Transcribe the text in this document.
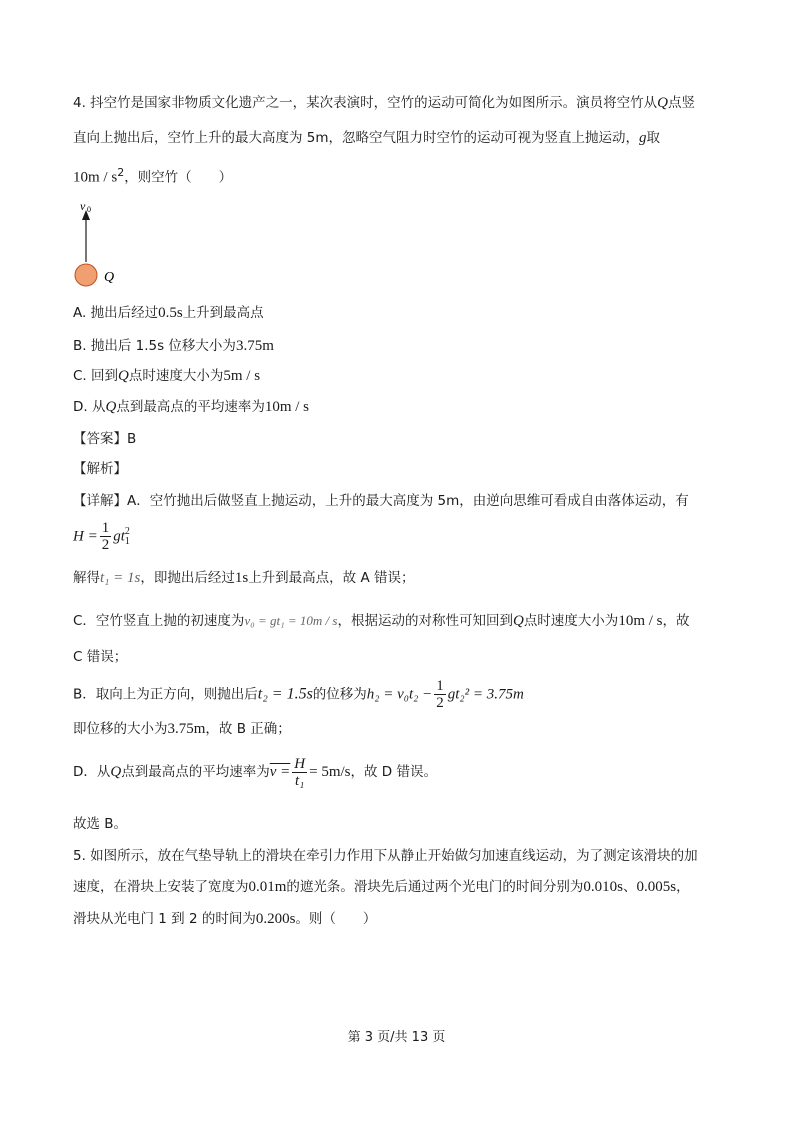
4. 抖空竹是国家非物质文化遗产之一，某次表演时，空竹的运动可简化为如图所示。演员将空竹从Q点竖
直向上抛出后，空竹上升的最大高度为 5m，忽略空气阻力时空竹的运动可视为竖直上抛运动，g取
$10m / s^2$，则空竹（　　）
v 0
Q
A. 抛出后经过0.5s上升到最高点
B. 抛出后 1.5s 位移大小为3.75m
C. 回到Q点时速度大小为5m / s
D. 从Q点到最高点的平均速率为10m / s
【答案】B
【解析】
【详解】A．空竹抛出后做竖直上抛运动，上升的最大高度为 5m，由逆向思维可看成自由落体运动，有
$H = \frac{1}{2}$ gt 2
1
解得t₁ = 1s，即抛出后经过1s上升到最高点，故 A 错误；
C．空竹竖直上抛的初速度为v₀ = gt₁ = 10m / s，根据运动的对称性可知回到Q点时速度大小为10m / s，故
C 错误；
B．取向上为正方向，则抛出后t₂ = 1.5s的位移为$h_2 = v_0t_2 - \frac{1}{2} gt_2^2 = 3.75m$
即位移的大小为3.75m，故 B 正确；
D．从Q点到最高点的平均速率为$v = \frac{H}{\text{t₁}} = 5m/s$，故 D 错误。
故选 B。
5. 如图所示，放在气垫导轨上的滑块在牵引力作用下从静止开始做匀加速直线运动，为了测定该滑块的加
速度，在滑块上安装了宽度为0.01m的遮光条。滑块先后通过两个光电门的时间分别为0.010s、0.005s，
滑块从光电门 1 到 2 的时间为0.200s。则（　　）
第 3 页/共 13 页
